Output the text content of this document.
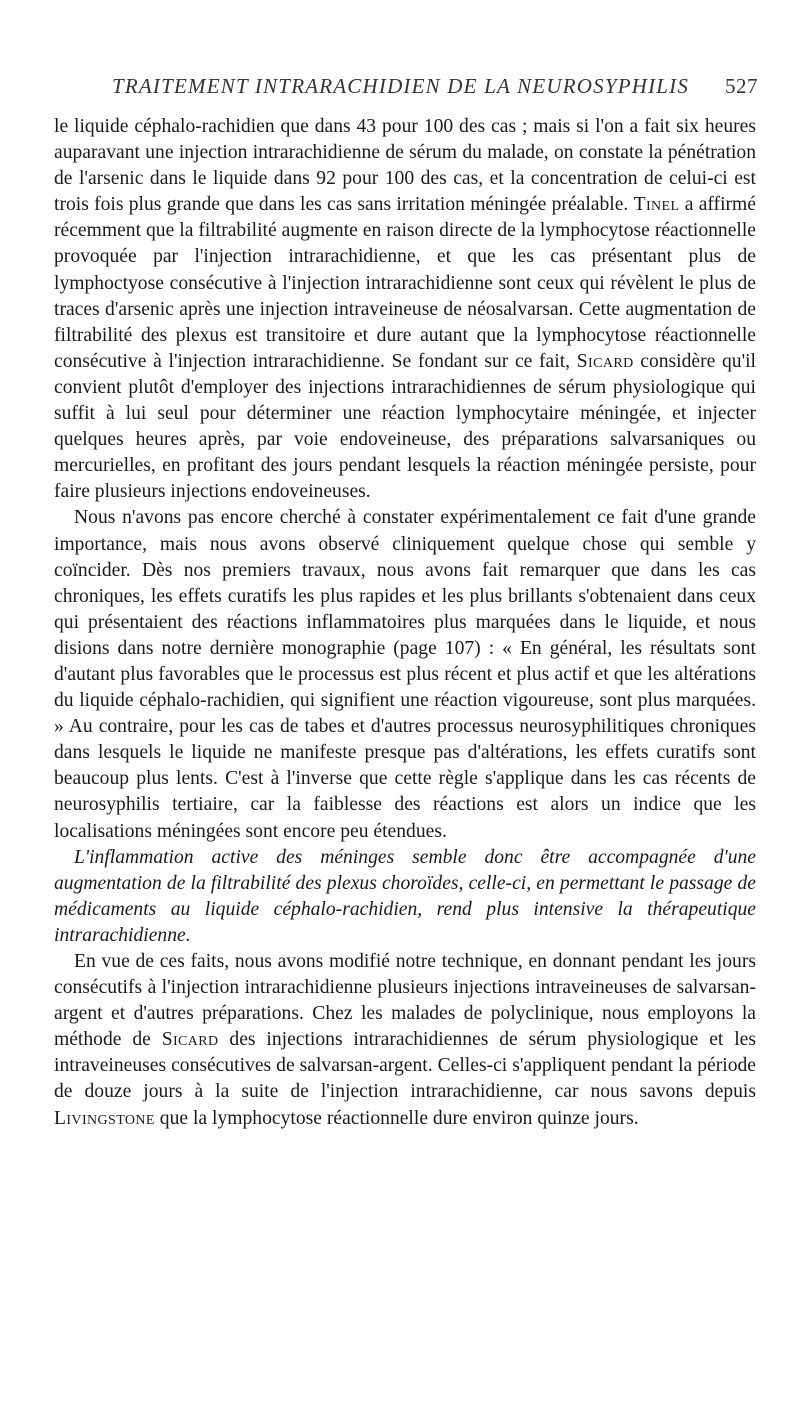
TRAITEMENT INTRARACHIDIEN DE LA NEUROSYPHILIS 527

le liquide céphalo-rachidien que dans 43 pour 100 des cas ; mais si l'on a fait six heures auparavant une injection intrarachidienne de sérum du malade, on constate la pénétration de l'arsenic dans le liquide dans 92 pour 100 des cas, et la concentration de celui-ci est trois fois plus grande que dans les cas sans irritation méningée préalable. Tinel a affirmé récemment que la filtrabilité augmente en raison directe de la lymphocytose réactionnelle provoquée par l'injection intrarachidienne, et que les cas présentant plus de lymphoctyose consécutive à l'injection intrarachidienne sont ceux qui révèlent le plus de traces d'arsenic après une injection intraveineuse de néosalvarsan. Cette augmentation de filtrabilité des plexus est transitoire et dure autant que la lymphocytose réactionnelle consécutive à l'injection intrarachidienne. Se fondant sur ce fait, Sicard considère qu'il convient plutôt d'employer des injections intrarachidiennes de sérum physiologique qui suffit à lui seul pour déterminer une réaction lymphocytaire méningée, et injecter quelques heures après, par voie endoveineuse, des préparations salvarsaniques ou mercurielles, en profitant des jours pendant lesquels la réaction méningée persiste, pour faire plusieurs injections endoveineuses.

Nous n'avons pas encore cherché à constater expérimentalement ce fait d'une grande importance, mais nous avons observé cliniquement quelque chose qui semble y coïncider. Dès nos premiers travaux, nous avons fait remarquer que dans les cas chroniques, les effets curatifs les plus rapides et les plus brillants s'obtenaient dans ceux qui présentaient des réactions inflammatoires plus marquées dans le liquide, et nous disions dans notre dernière monographie (page 107) : « En général, les résultats sont d'autant plus favorables que le processus est plus récent et plus actif et que les altérations du liquide céphalo-rachidien, qui signifient une réaction vigoureuse, sont plus marquées. » Au contraire, pour les cas de tabes et d'autres processus neurosyphilitiques chroniques dans lesquels le liquide ne manifeste presque pas d'altérations, les effets curatifs sont beaucoup plus lents. C'est à l'inverse que cette règle s'applique dans les cas récents de neurosyphilis tertiaire, car la faiblesse des réactions est alors un indice que les localisations méningées sont encore peu étendues.

L'inflammation active des méninges semble donc être accompagnée d'une augmentation de la filtrabilité des plexus choroïdes, celle-ci, en permettant le passage de médicaments au liquide céphalo-rachidien, rend plus intensive la thérapeutique intrarachidienne.

En vue de ces faits, nous avons modifié notre technique, en donnant pendant les jours consécutifs à l'injection intrarachidienne plusieurs injections intraveineuses de salvarsan-argent et d'autres préparations. Chez les malades de polyclinique, nous employons la méthode de Sicard des injections intrarachidiennes de sérum physiologique et les intraveineuses consécutives de salvarsan-argent. Celles-ci s'appliquent pendant la période de douze jours à la suite de l'injection intrarachidienne, car nous savons depuis Livingstone que la lymphocytose réactionnelle dure environ quinze jours.
